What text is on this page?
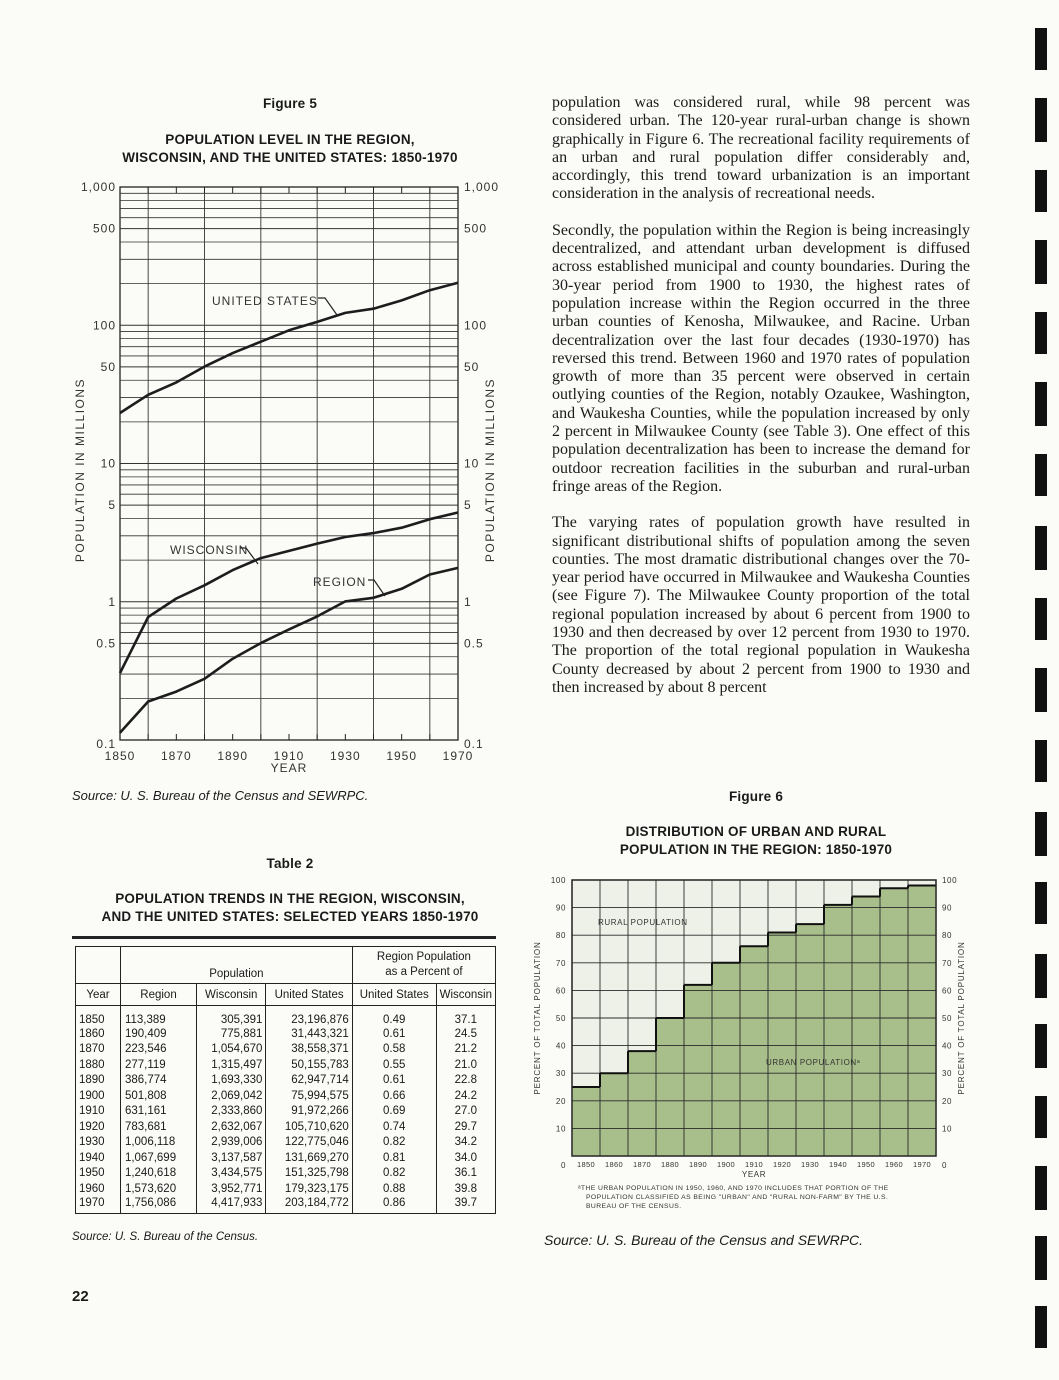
Figure 5
POPULATION LEVEL IN THE REGION,
WISCONSIN, AND THE UNITED STATES: 1850-1970
1,000	1,000
500	500
100	100
50	50
10	10
5	5
1	1
0.5	0.5
0.1	0.1
1850 1870 1890 1910 1930 1950 1970
POPULATION IN MILLIONS	POPULATION IN MILLIONS
YEAR
UNITED STATES
WISCONSIN
REGION
Source: U. S. Bureau of the Census and SEWRPC.
Table 2
POPULATION TRENDS IN THE REGION, WISCONSIN,
AND THE UNITED STATES: SELECTED YEARS 1850-1970
	Population			Region Population
as a Percent of	

Year	Region	Wisconsin	United States	United States	Wisconsin
1850	113,389	305,391	23,196,876	0.49	37.1
1860	190,409	775,881	31,443,321	0.61	24.5
1870	223,546	1,054,670	38,558,371	0.58	21.2
1880	277,119	1,315,497	50,155,783	0.55	21.0
1890	386,774	1,693,330	62,947,714	0.61	22.8
1900	501,808	2,069,042	75,994,575	0.66	24.2
1910	631,161	2,333,860	91,972,266	0.69	27.0
1920	783,681	2,632,067	105,710,620	0.74	29.7
1930	1,006,118	2,939,006	122,775,046	0.82	34.2
1940	1,067,699	3,137,587	131,669,270	0.81	34.0
1950	1,240,618	3,434,575	151,325,798	0.82	36.1
1960	1,573,620	3,952,771	179,323,175	0.88	39.8
1970	1,756,086	4,417,933	203,184,772	0.86	39.7
Source: U. S. Bureau of the Census.
22

population was considered rural, while 98 percent was considered urban. The 120-year rural-urban change is shown graphically in Figure 6. The recreational facility requirements of an urban and rural population differ considerably and, accordingly, this trend toward urbanization is an important consideration in the analysis of recreational needs.

Secondly, the population within the Region is being increasingly decentralized, and attendant urban development is diffused across established municipal and county boundaries. During the 30-year period from 1900 to 1930, the highest rates of population increase within the Region occurred in the three urban counties of Kenosha, Milwaukee, and Racine. Urban decentralization over the last four decades (1930-1970) has reversed this trend. Between 1960 and 1970 rates of population growth of more than 35 percent were observed in certain outlying counties of the Region, notably Ozaukee, Washington, and Waukesha Counties, while the population increased by only 2 percent in Milwaukee County (see Table 3). One effect of this population decentralization has been to increase the demand for outdoor recreation facilities in the suburban and rural-urban fringe areas of the Region.

The varying rates of population growth have resulted in significant distributional shifts of population among the seven counties. The most dramatic distributional changes over the 70-year period have occurred in Milwaukee and Waukesha Counties (see Figure 7). The Milwaukee County proportion of the total regional population increased by about 6 percent from 1900 to 1930 and then decreased by over 12 percent from 1930 to 1970. The proportion of the total regional population in Waukesha County decreased by about 2 percent from 1900 to 1930 and then increased by about 8 percent

Figure 6
DISTRIBUTION OF URBAN AND RURAL
POPULATION IN THE REGION: 1850-1970
100	100
90	90
80	80
70	70
60	60
50	50
40	40
30	30
20	20
10	10
0	0
1850 1860 1870 1880 1890 1900 1910 1920 1930 1940 1950 1960 1970
RURAL POPULATION
URBAN POPULATIONᵃ
PERCENT OF TOTAL POPULATION	PERCENT OF TOTAL POPULATION
YEAR
ᵃTHE URBAN POPULATION IN 1950, 1960, AND 1970 INCLUDES THAT PORTION OF THE
POPULATION CLASSIFIED AS BEING "URBAN" AND "RURAL NON-FARM" BY THE U.S.
BUREAU OF THE CENSUS.
Source: U. S. Bureau of the Census and SEWRPC.
